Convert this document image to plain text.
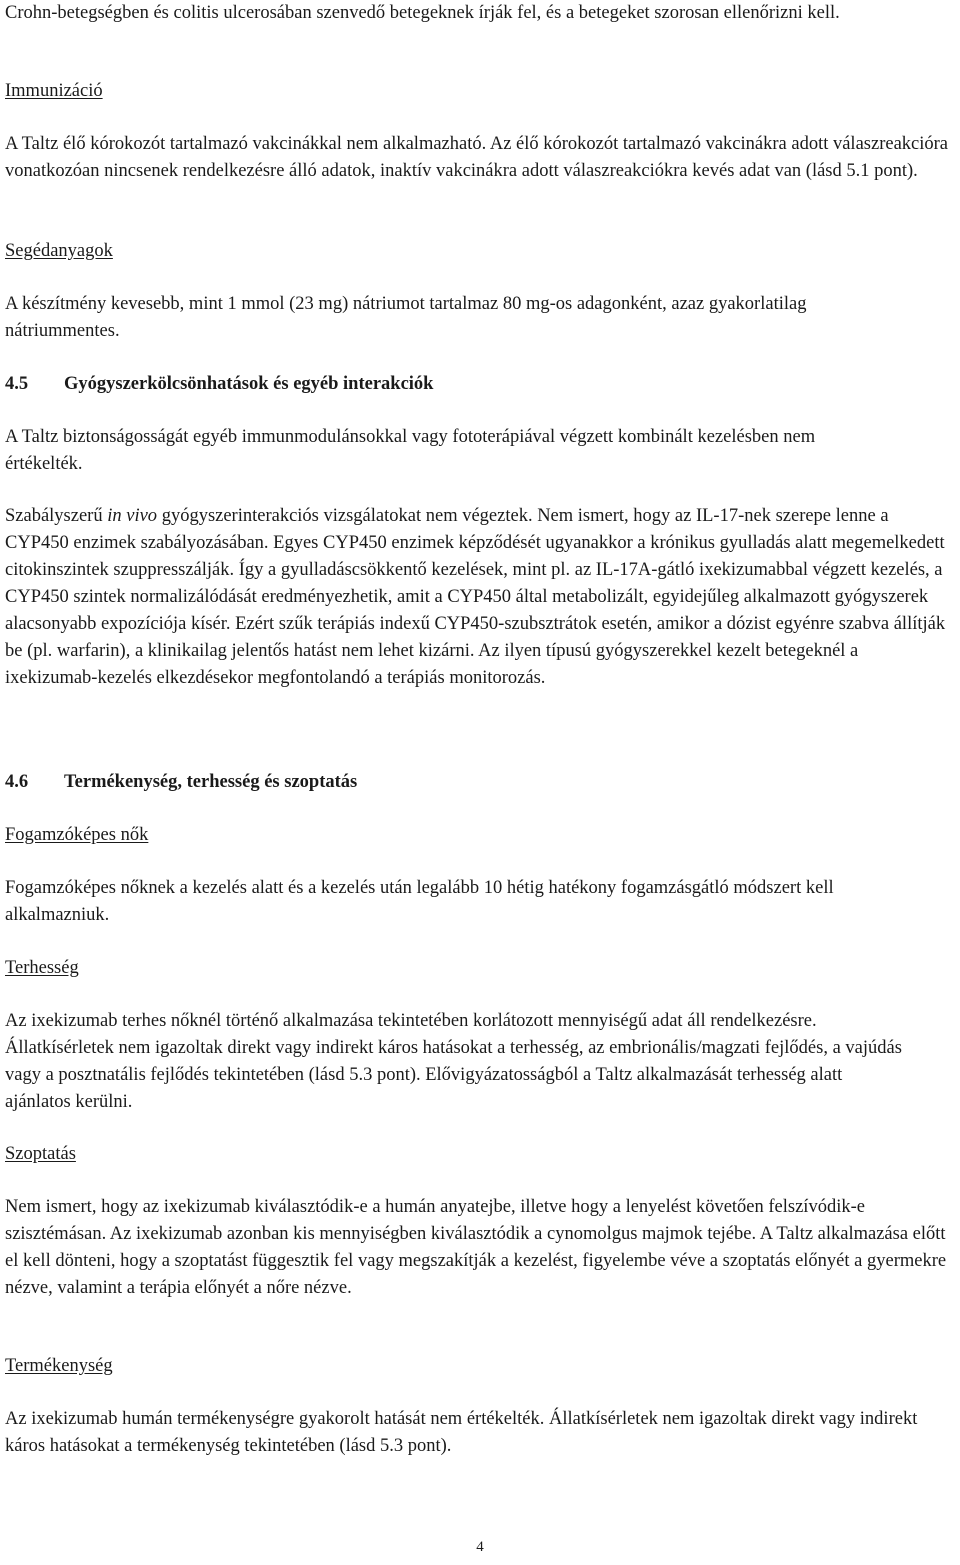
Crohn-betegségben és colitis ulcerosában szenvedő betegeknek írják fel, és a betegeket szorosan ellenőrizni kell.

Immunizáció

A Taltz élő kórokozót tartalmazó vakcinákkal nem alkalmazható. Az élő kórokozót tartalmazó vakcinákra adott válaszreakcióra vonatkozóan nincsenek rendelkezésre álló adatok, inaktív vakcinákra adott válaszreakciókra kevés adat van (lásd 5.1 pont).

Segédanyagok

A készítmény kevesebb, mint 1 mmol (23 mg) nátriumot tartalmaz 80 mg-os adagonként, azaz gyakorlatilag nátriummentes.

4.5 Gyógyszerkölcsönhatások és egyéb interakciók

A Taltz biztonságosságát egyéb immunmodulánsokkal vagy fototerápiával végzett kombinált kezelésben nem értékelték.

Szabályszerű in vivo gyógyszerinterakciós vizsgálatokat nem végeztek. Nem ismert, hogy az IL-17-nek szerepe lenne a CYP450 enzimek szabályozásában. Egyes CYP450 enzimek képződését ugyanakkor a krónikus gyulladás alatt megemelkedett citokinszintek szuppresszálják. Így a gyulladáscsökkentő kezelések, mint pl. az IL-17A-gátló ixekizumabbal végzett kezelés, a CYP450 szintek normalizálódását eredményezhetik, amit a CYP450 által metabolizált, egyidejűleg alkalmazott gyógyszerek alacsonyabb expozíciója kísér. Ezért szűk terápiás indexű CYP450-szubsztrátok esetén, amikor a dózist egyénre szabva állítják be (pl. warfarin), a klinikailag jelentős hatást nem lehet kizárni. Az ilyen típusú gyógyszerekkel kezelt betegeknél a ixekizumab-kezelés elkezdésekor megfontolandó a terápiás monitorozás.

4.6 Termékenység, terhesség és szoptatás

Fogamzóképes nők

Fogamzóképes nőknek a kezelés alatt és a kezelés után legalább 10 hétig hatékony fogamzásgátló módszert kell alkalmazniuk.

Terhesség

Az ixekizumab terhes nőknél történő alkalmazása tekintetében korlátozott mennyiségű adat áll rendelkezésre. Állatkísérletek nem igazoltak direkt vagy indirekt káros hatásokat a terhesség, az embrionális/magzati fejlődés, a vajúdás vagy a posztnatális fejlődés tekintetében (lásd 5.3 pont). Elővigyázatosságból a Taltz alkalmazását terhesség alatt ajánlatos kerülni.

Szoptatás

Nem ismert, hogy az ixekizumab kiválasztódik-e a humán anyatejbe, illetve hogy a lenyelést követően felszívódik-e szisztémásan. Az ixekizumab azonban kis mennyiségben kiválasztódik a cynomolgus majmok tejébe. A Taltz alkalmazása előtt el kell dönteni, hogy a szoptatást függesztik fel vagy megszakítják a kezelést, figyelembe véve a szoptatás előnyét a gyermekre nézve, valamint a terápia előnyét a nőre nézve.

Termékenység

Az ixekizumab humán termékenységre gyakorolt hatását nem értékelték. Állatkísérletek nem igazoltak direkt vagy indirekt káros hatásokat a termékenység tekintetében (lásd 5.3 pont).

4
